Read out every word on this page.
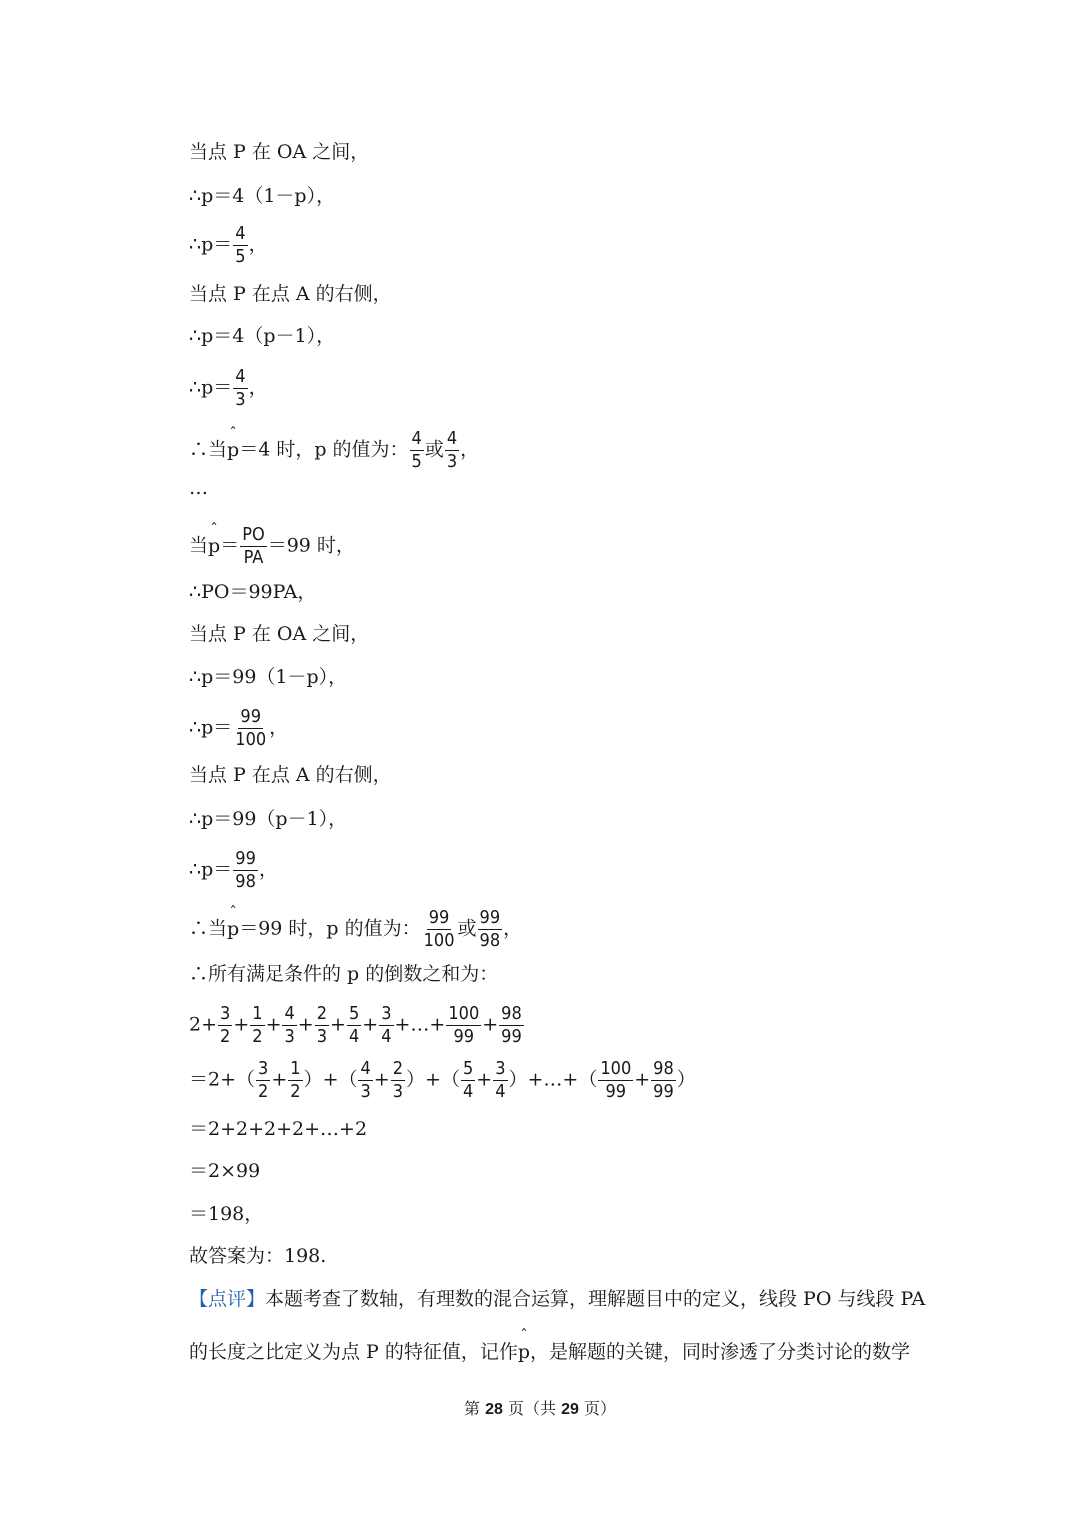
当点 P 在 OA 之间，
∴p＝4（1－p），
∴p＝ $\frac{4}{5}$ ，
当点 P 在点 A 的右侧，
∴p＝4（p－1），
∴p＝ $\frac{4}{3}$ ，
∴当ˆ p＝4 时，p 的值为： $\frac{4}{5}$ 或 $\frac{4}{3}$ ，
…
当ˆ $p= \frac{PO}{PA} =99$ 时，
∴PO＝99PA，
当点 P 在 OA 之间，
∴p＝99（1－p），
∴p＝ $\frac{99}{100}$ ，
当点 P 在点 A 的右侧，
∴p＝99（p－1），
∴p＝ $\frac{99}{98}$ ，
∴当ˆ p＝99 时，p 的值为： $\frac{99}{100}$ 或 $\frac{99}{98}$ ，
∴所有满足条件的 p 的倒数之和为：
$2+ \frac{3}{2} + \frac{1}{2} + \frac{4}{3} + \frac{2}{3} + \frac{5}{4} + \frac{3}{4}$ +…+ $\frac{100}{99} + \frac{98}{99}$
$=2+( \frac{3}{2} + \frac{1}{2}$ ）+（ $\frac{4}{3} + \frac{2}{3}$ ）+（ $\frac{5}{4} + \frac{3}{4}$ ）+…+（ $\frac{100}{99} + \frac{98}{99}$ ）
＝2+2+2+2+…+2
＝2×99
＝198，
故答案为：198.
【点评】本题考查了数轴，有理数的混合运算，理解题目中的定义，线段 PO 与线段 PA
的长度之比定义为点 P 的特征值，记作ˆ p，是解题的关键，同时渗透了分类讨论的数学
第 28 页（共 29 页）
